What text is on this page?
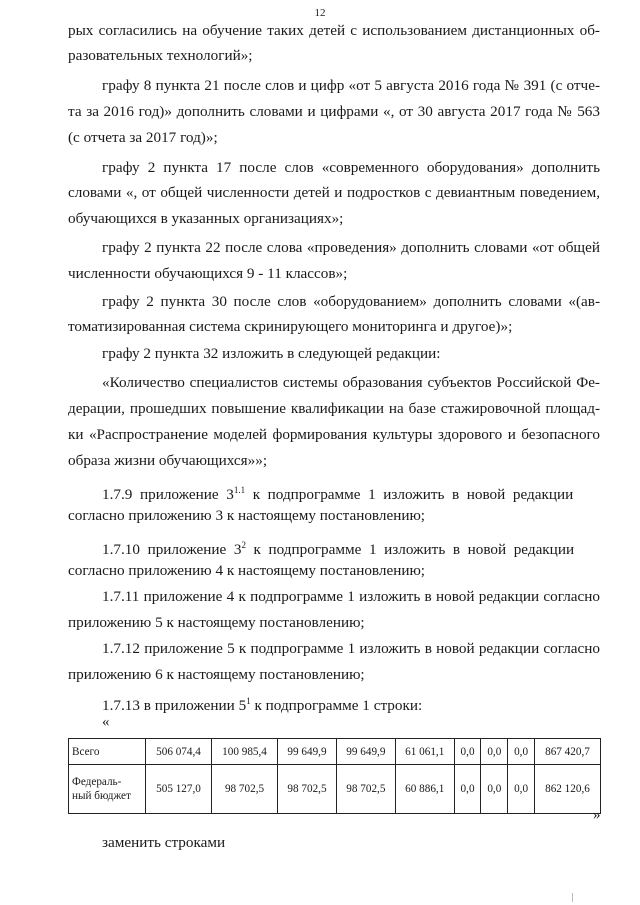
12
рых согласились на обучение таких детей с использованием дистанционных об-
разовательных технологий»;
графу 8 пункта 21 после слов и цифр «от 5 августа 2016 года № 391 (с отче-
та за 2016 год)» дополнить словами и цифрами «, от 30 августа 2017 года № 563
(с отчета за 2017 год)»;
графу 2 пункта 17 после слов «современного оборудования» дополнить
словами «, от общей численности детей и подростков с девиантным поведением,
обучающихся в указанных организациях»;
графу 2 пункта 22 после слова «проведения» дополнить словами «от общей
численности обучающихся 9 - 11 классов»;
графу 2 пункта 30 после слов «оборудованием» дополнить словами «(ав-
томатизированная система скринирующего мониторинга и другое)»;
графу 2 пункта 32 изложить в следующей редакции:
«Количество специалистов системы образования субъектов Российской Фе-
дерации, прошедших повышение квалификации на базе стажировочной площад-
ки «Распространение моделей формирования культуры здорового и безопасного
образа жизни обучающихся»»;
1.7.9  приложение  $3^{1.1}$  к  подпрограмме  1  изложить  в  новой  редакции
согласно приложению 3 к настоящему постановлению;
1.7.10  приложение  $3^2$  к  подпрограмме  1  изложить  в  новой  редакции
согласно приложению 4 к настоящему постановлению;
1.7.11 приложение 4 к подпрограмме 1 изложить в новой редакции согласно
приложению 5 к настоящему постановлению;
1.7.12 приложение 5 к подпрограмме 1 изложить в новой редакции согласно
приложению 6 к настоящему постановлению;
1.7.13 в приложении $5^1$ к подпрограмме 1 строки:
«
Всего	506 074,4	100 985,4	99 649,9	99 649,9	61 061,1	0,0	0,0	0,0	867 420,7
Федераль-
ный бюджет	505 127,0	98 702,5	98 702,5	98 702,5	60 886,1	0,0	0,0	0,0	862 120,6
»
заменить строками
